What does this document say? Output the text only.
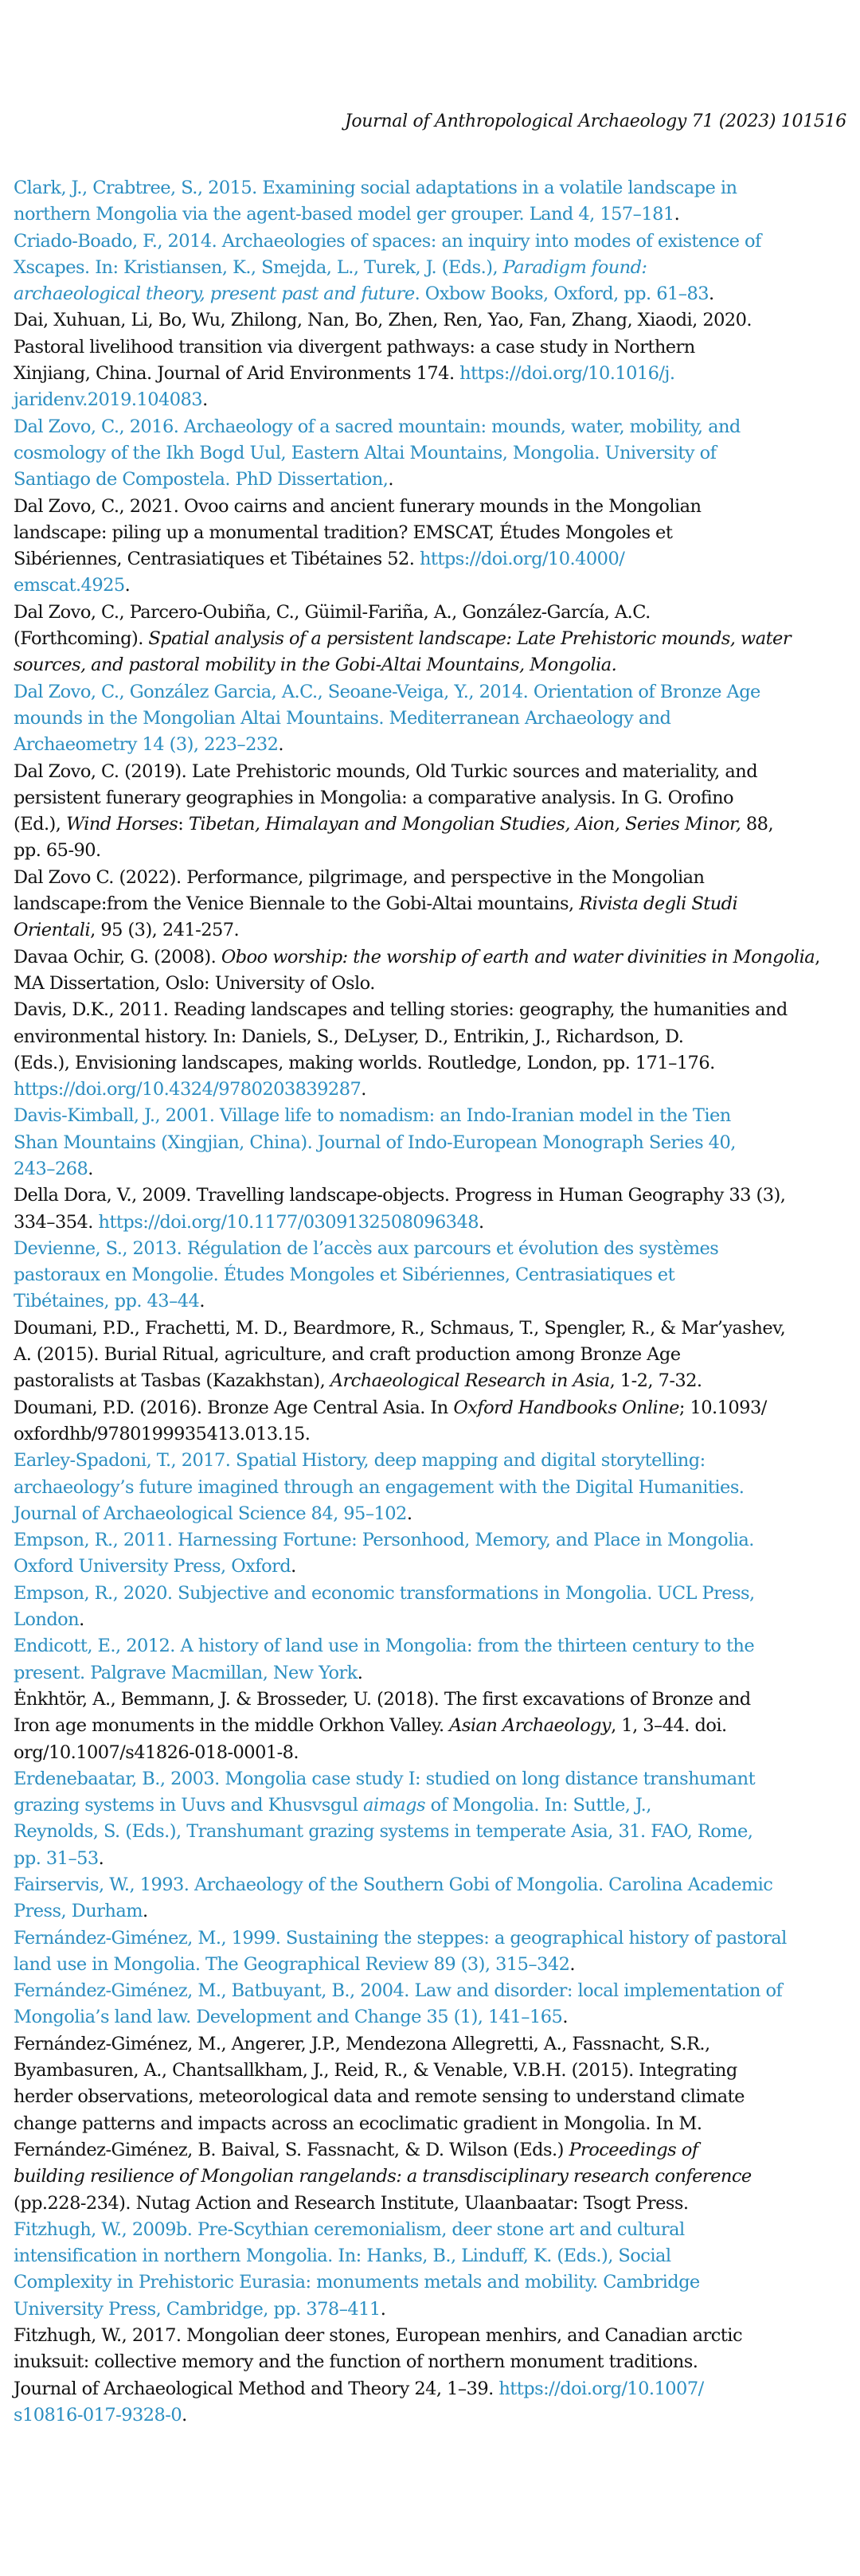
Journal of Anthropological Archaeology 71 (2023) 101516
Clark, J., Crabtree, S., 2015. Examining social adaptations in a volatile landscape in
northern Mongolia via the agent-based model ger grouper. Land 4, 157–181.
Criado-Boado, F., 2014. Archaeologies of spaces: an inquiry into modes of existence of
Xscapes. In: Kristiansen, K., Smejda, L., Turek, J. (Eds.), Paradigm found:
archaeological theory, present past and future. Oxbow Books, Oxford, pp. 61–83.
Dai, Xuhuan, Li, Bo, Wu, Zhilong, Nan, Bo, Zhen, Ren, Yao, Fan, Zhang, Xiaodi, 2020.
Pastoral livelihood transition via divergent pathways: a case study in Northern
Xinjiang, China. Journal of Arid Environments 174. https://doi.org/10.1016/j.
jaridenv.2019.104083.
Dal Zovo, C., 2016. Archaeology of a sacred mountain: mounds, water, mobility, and
cosmology of the Ikh Bogd Uul, Eastern Altai Mountains, Mongolia. University of
Santiago de Compostela. PhD Dissertation,.
Dal Zovo, C., 2021. Ovoo cairns and ancient funerary mounds in the Mongolian
landscape: piling up a monumental tradition? EMSCAT, Études Mongoles et
Sibériennes, Centrasiatiques et Tibétaines 52. https://doi.org/10.4000/
emscat.4925.
Dal Zovo, C., Parcero-Oubiña, C., Güimil-Fariña, A., González-García, A.C.
(Forthcoming). Spatial analysis of a persistent landscape: Late Prehistoric mounds, water
sources, and pastoral mobility in the Gobi-Altai Mountains, Mongolia.
Dal Zovo, C., González Garcia, A.C., Seoane-Veiga, Y., 2014. Orientation of Bronze Age
mounds in the Mongolian Altai Mountains. Mediterranean Archaeology and
Archaeometry 14 (3), 223–232.
Dal Zovo, C. (2019). Late Prehistoric mounds, Old Turkic sources and materiality, and
persistent funerary geographies in Mongolia: a comparative analysis. In G. Orofino
(Ed.), Wind Horses: Tibetan, Himalayan and Mongolian Studies, Aion, Series Minor, 88,
pp. 65-90.
Dal Zovo C. (2022). Performance, pilgrimage, and perspective in the Mongolian
landscape:from the Venice Biennale to the Gobi-Altai mountains, Rivista degli Studi
Orientali, 95 (3), 241-257.
Davaa Ochir, G. (2008). Oboo worship: the worship of earth and water divinities in Mongolia,
MA Dissertation, Oslo: University of Oslo.
Davis, D.K., 2011. Reading landscapes and telling stories: geography, the humanities and
environmental history. In: Daniels, S., DeLyser, D., Entrikin, J., Richardson, D.
(Eds.), Envisioning landscapes, making worlds. Routledge, London, pp. 171–176.
https://doi.org/10.4324/9780203839287.
Davis-Kimball, J., 2001. Village life to nomadism: an Indo-Iranian model in the Tien
Shan Mountains (Xingjian, China). Journal of Indo-European Monograph Series 40,
243–268.
Della Dora, V., 2009. Travelling landscape-objects. Progress in Human Geography 33 (3),
334–354. https://doi.org/10.1177/0309132508096348.
Devienne, S., 2013. Régulation de l’accès aux parcours et évolution des systèmes
pastoraux en Mongolie. Études Mongoles et Sibériennes, Centrasiatiques et
Tibétaines, pp. 43–44.
Doumani, P.D., Frachetti, M. D., Beardmore, R., Schmaus, T., Spengler, R., & Mar’yashev,
A. (2015). Burial Ritual, agriculture, and craft production among Bronze Age
pastoralists at Tasbas (Kazakhstan), Archaeological Research in Asia, 1-2, 7-32.
Doumani, P.D. (2016). Bronze Age Central Asia. In Oxford Handbooks Online; 10.1093/
oxfordhb/9780199935413.013.15.
Earley-Spadoni, T., 2017. Spatial History, deep mapping and digital storytelling:
archaeology’s future imagined through an engagement with the Digital Humanities.
Journal of Archaeological Science 84, 95–102.
Empson, R., 2011. Harnessing Fortune: Personhood, Memory, and Place in Mongolia.
Oxford University Press, Oxford.
Empson, R., 2020. Subjective and economic transformations in Mongolia. UCL Press,
London.
Endicott, E., 2012. A history of land use in Mongolia: from the thirteen century to the
present. Palgrave Macmillan, New York.
Ėnkhtör, A., Bemmann, J. & Brosseder, U. (2018). The first excavations of Bronze and
Iron age monuments in the middle Orkhon Valley. Asian Archaeology, 1, 3–44. doi.
org/10.1007/s41826-018-0001-8.
Erdenebaatar, B., 2003. Mongolia case study I: studied on long distance transhumant
grazing systems in Uuvs and Khusvsgul aimags of Mongolia. In: Suttle, J.,
Reynolds, S. (Eds.), Transhumant grazing systems in temperate Asia, 31. FAO, Rome,
pp. 31–53.
Fairservis, W., 1993. Archaeology of the Southern Gobi of Mongolia. Carolina Academic
Press, Durham.
Fernández-Giménez, M., 1999. Sustaining the steppes: a geographical history of pastoral
land use in Mongolia. The Geographical Review 89 (3), 315–342.
Fernández-Giménez, M., Batbuyant, B., 2004. Law and disorder: local implementation of
Mongolia’s land law. Development and Change 35 (1), 141–165.
Fernández-Giménez, M., Angerer, J.P., Mendezona Allegretti, A., Fassnacht, S.R.,
Byambasuren, A., Chantsallkham, J., Reid, R., & Venable, V.B.H. (2015). Integrating
herder observations, meteorological data and remote sensing to understand climate
change patterns and impacts across an ecoclimatic gradient in Mongolia. In M.
Fernández-Giménez, B. Baival, S. Fassnacht, & D. Wilson (Eds.) Proceedings of
building resilience of Mongolian rangelands: a transdisciplinary research conference
(pp.228-234). Nutag Action and Research Institute, Ulaanbaatar: Tsogt Press.
Fitzhugh, W., 2009b. Pre-Scythian ceremonialism, deer stone art and cultural
intensification in northern Mongolia. In: Hanks, B., Linduff, K. (Eds.), Social
Complexity in Prehistoric Eurasia: monuments metals and mobility. Cambridge
University Press, Cambridge, pp. 378–411.
Fitzhugh, W., 2017. Mongolian deer stones, European menhirs, and Canadian arctic
inuksuit: collective memory and the function of northern monument traditions.
Journal of Archaeological Method and Theory 24, 1–39. https://doi.org/10.1007/
s10816-017-9328-0.
